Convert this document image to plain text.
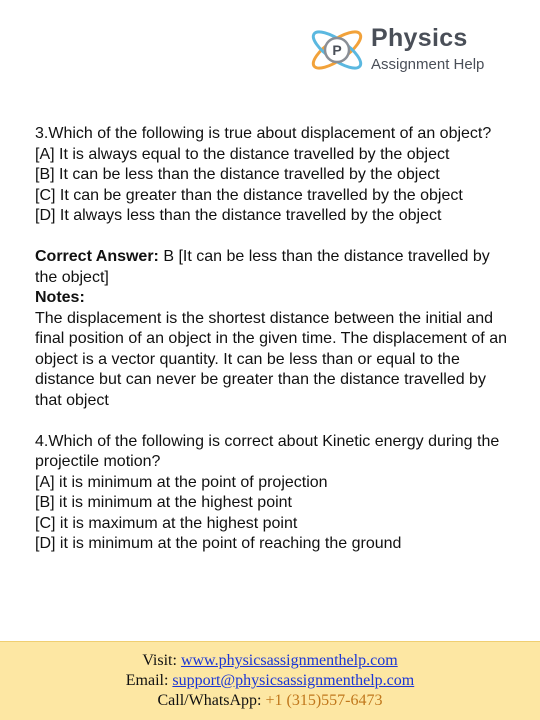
P Physics
Assignment Help

3.Which of the following is true about displacement of an object?

[A] It is always equal to the distance travelled by the object

[B] It can be less than the distance travelled by the object

[C] It can be greater than the distance travelled by the object

[D] It always less than the distance travelled by the object

Correct Answer: B [It can be less than the distance travelled by the object]

Notes:

The displacement is the shortest distance between the initial and final position of an object in the given time. The displacement of an object is a vector quantity. It can be less than or equal to the distance but can never be greater than the distance travelled by that object

4.Which of the following is correct about Kinetic energy during the projectile motion?

[A] it is minimum at the point of projection

[B] it is minimum at the highest point

[C] it is maximum at the highest point

[D] it is minimum at the point of reaching the ground

Visit: www.physicsassignmenthelp.com
Email: support@physicsassignmenthelp.com
Call/WhatsApp: +1 (315)557-6473
